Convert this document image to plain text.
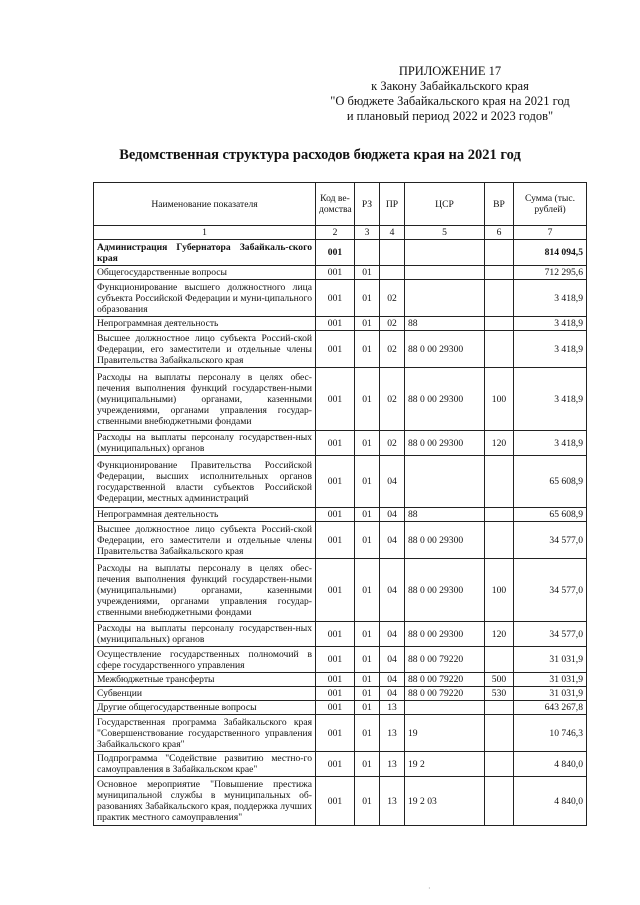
ПРИЛОЖЕНИЕ 17
к Закону Забайкальского края
"О бюджете Забайкальского края на 2021 год
и плановый период 2022 и 2023 годов"
Ведомственная структура расходов бюджета края на 2021 год
Наименование показателя	Код ве-домства	РЗ	ПР	ЦСР	ВР	Сумма (тыс. рублей)
1	2	3	4	5	6	7
Администрация Губернатора Забайкаль-ского края	001					814 094,5
Общегосударственные вопросы	001	01				712 295,6
Функционирование высшего должностного лица субъекта Российской Федерации и муни-ципального образования	001	01	02			3 418,9
Непрограммная деятельность	001	01	02	88		3 418,9
Высшее должностное лицо субъекта Россий-ской Федерации, его заместители и отдельные члены Правительства Забайкальского края	001	01	02	88 0 00 29300		3 418,9
Расходы на выплаты персоналу в целях обес-печения выполнения функций государствен-ными (муниципальными) органами, казенными учреждениями, органами управления государ-ственными внебюджетными фондами	001	01	02	88 0 00 29300	100	3 418,9
Расходы на выплаты персоналу государствен-ных (муниципальных) органов	001	01	02	88 0 00 29300	120	3 418,9
Функционирование Правительства Российской Федерации, высших исполнительных органов государственной власти субъектов Российской Федерации, местных администраций	001	01	04			65 608,9
Непрограммная деятельность	001	01	04	88		65 608,9
Высшее должностное лицо субъекта Россий-ской Федерации, его заместители и отдельные члены Правительства Забайкальского края	001	01	04	88 0 00 29300		34 577,0
Расходы на выплаты персоналу в целях обес-печения выполнения функций государствен-ными (муниципальными) органами, казенными учреждениями, органами управления государ-ственными внебюджетными фондами	001	01	04	88 0 00 29300	100	34 577,0
Расходы на выплаты персоналу государствен-ных (муниципальных) органов	001	01	04	88 0 00 29300	120	34 577,0
Осуществление государственных полномочий в сфере государственного управления	001	01	04	88 0 00 79220		31 031,9
Межбюджетные трансферты	001	01	04	88 0 00 79220	500	31 031,9
Субвенции	001	01	04	88 0 00 79220	530	31 031,9
Другие общегосударственные вопросы	001	01	13			643 267,8
Государственная программа Забайкальского края "Совершенствование государственного управления Забайкальского края"	001	01	13	19		10 746,3
Подпрограмма "Содействие развитию местно-го самоуправления в Забайкальском крае"	001	01	13	19 2		4 840,0
Основное мероприятие "Повышение престижа муниципальной службы в муниципальных об-разованиях Забайкальского края, поддержка лучших практик местного самоуправления"	001	01	13	19 2 03		4 840,0
·
